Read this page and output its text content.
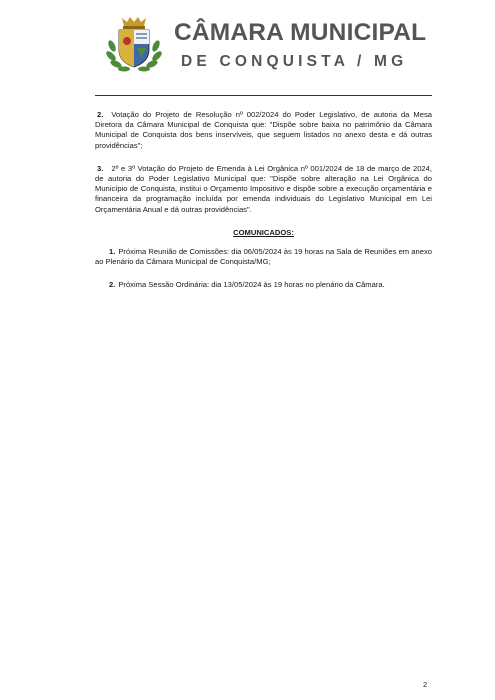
CÂMARA MUNICIPAL
DE CONQUISTA / MG

2. Votação do Projeto de Resolução nº 002/2024 do Poder Legislativo, de autoria da Mesa Diretora da Câmara Municipal de Conquista que: "Dispõe sobre baixa no patrimônio da Câmara Municipal de Conquista dos bens inservíveis, que seguem listados no anexo desta e dá outras providências";

3. 2º e 3º Votação do Projeto de Emenda à Lei Orgânica nº 001/2024 de 18 de março de 2024, de autoria do Poder Legislativo Municipal que: "Dispõe sobre alteração na Lei Orgânica do Município de Conquista, institui o Orçamento Impositivo e dispõe sobre a execução orçamentária e financeira da programação incluída por emenda individuais do Legislativo Municipal em Lei Orçamentária Anual e dá outras providências".

COMUNICADOS:

1. Próxima Reunião de Comissões: dia 06/05/2024 às 19 horas na Sala de Reuniões em anexo ao Plenário da Câmara Municipal de Conquista/MG;

2. Próxima Sessão Ordinária: dia 13/05/2024 às 19 horas no plenário da Câmara.

2
